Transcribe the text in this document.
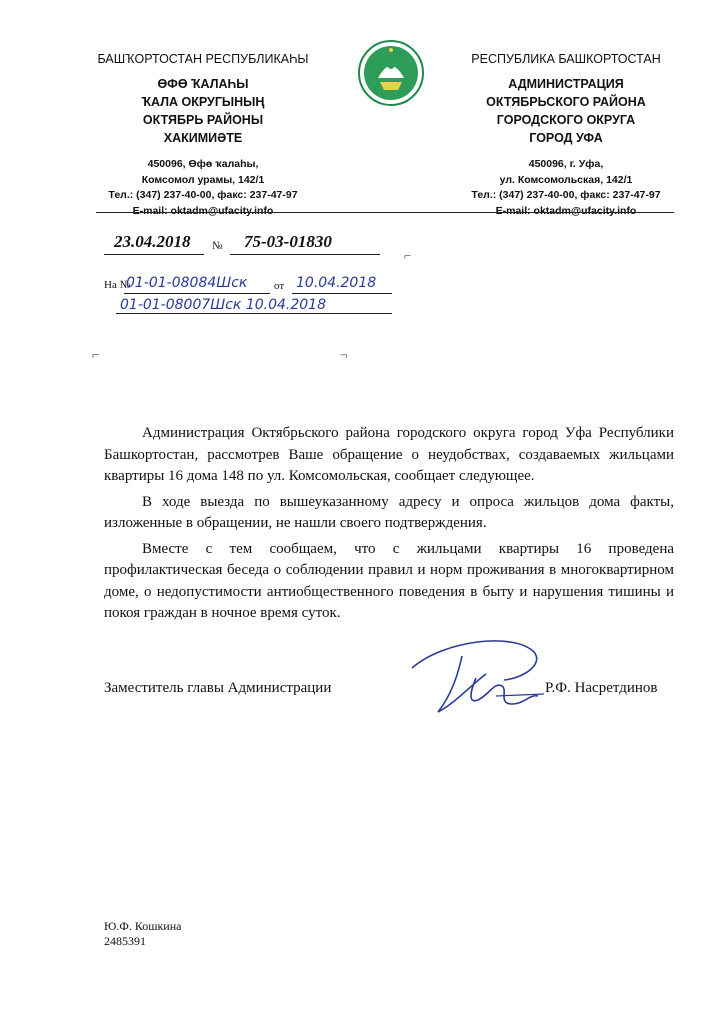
БАШҠОРТОСТАН РЕСПУБЛИКАҺЫ
ӨФӨ ҠАЛАҺЫ
ҠАЛА ОКРУГЫНЫҢ
ОКТЯБРЬ РАЙОНЫ
ХАКИМИӘТЕ
450096, Өфө ҡалаһы,
Комсомол урамы, 142/1
Тел.: (347) 237-40-00, факс: 237-47-97
E-mail: oktadm@ufacity.info
РЕСПУБЛИКА БАШКОРТОСТАН
АДМИНИСТРАЦИЯ
ОКТЯБРЬСКОГО РАЙОНА
ГОРОДСКОГО ОКРУГА
ГОРОД УФА
450096, г. Уфа,
ул. Комсомольская, 142/1
Тел.: (347) 237-40-00, факс: 237-47-97
E-mail: oktadm@ufacity.info
23.04.2018 № 75-03-01830
⌐
На №
01-01-08084Шск от 10.04.2018
01-01-08007Шск 10.04.2018
⌐	¬

Администрация Октябрьского района городского округа город Уфа Республики Башкортостан, рассмотрев Ваше обращение о неудобствах, создаваемых жильцами квартиры 16 дома 148 по ул. Комсомольская, сообщает следующее.

В ходе выезда по вышеуказанному адресу и опроса жильцов дома факты, изложенные в обращении, не нашли своего подтверждения.

Вместе с тем сообщаем, что с жильцами квартиры 16 проведена профилактическая беседа о соблюдении правил и норм проживания в многоквартирном доме, о недопустимости антиобщественного поведения в быту и нарушения тишины и покоя граждан в ночное время суток.

Заместитель главы Администрации	Р.Ф. Насретдинов
Ю.Ф. Кошкина
2485391
